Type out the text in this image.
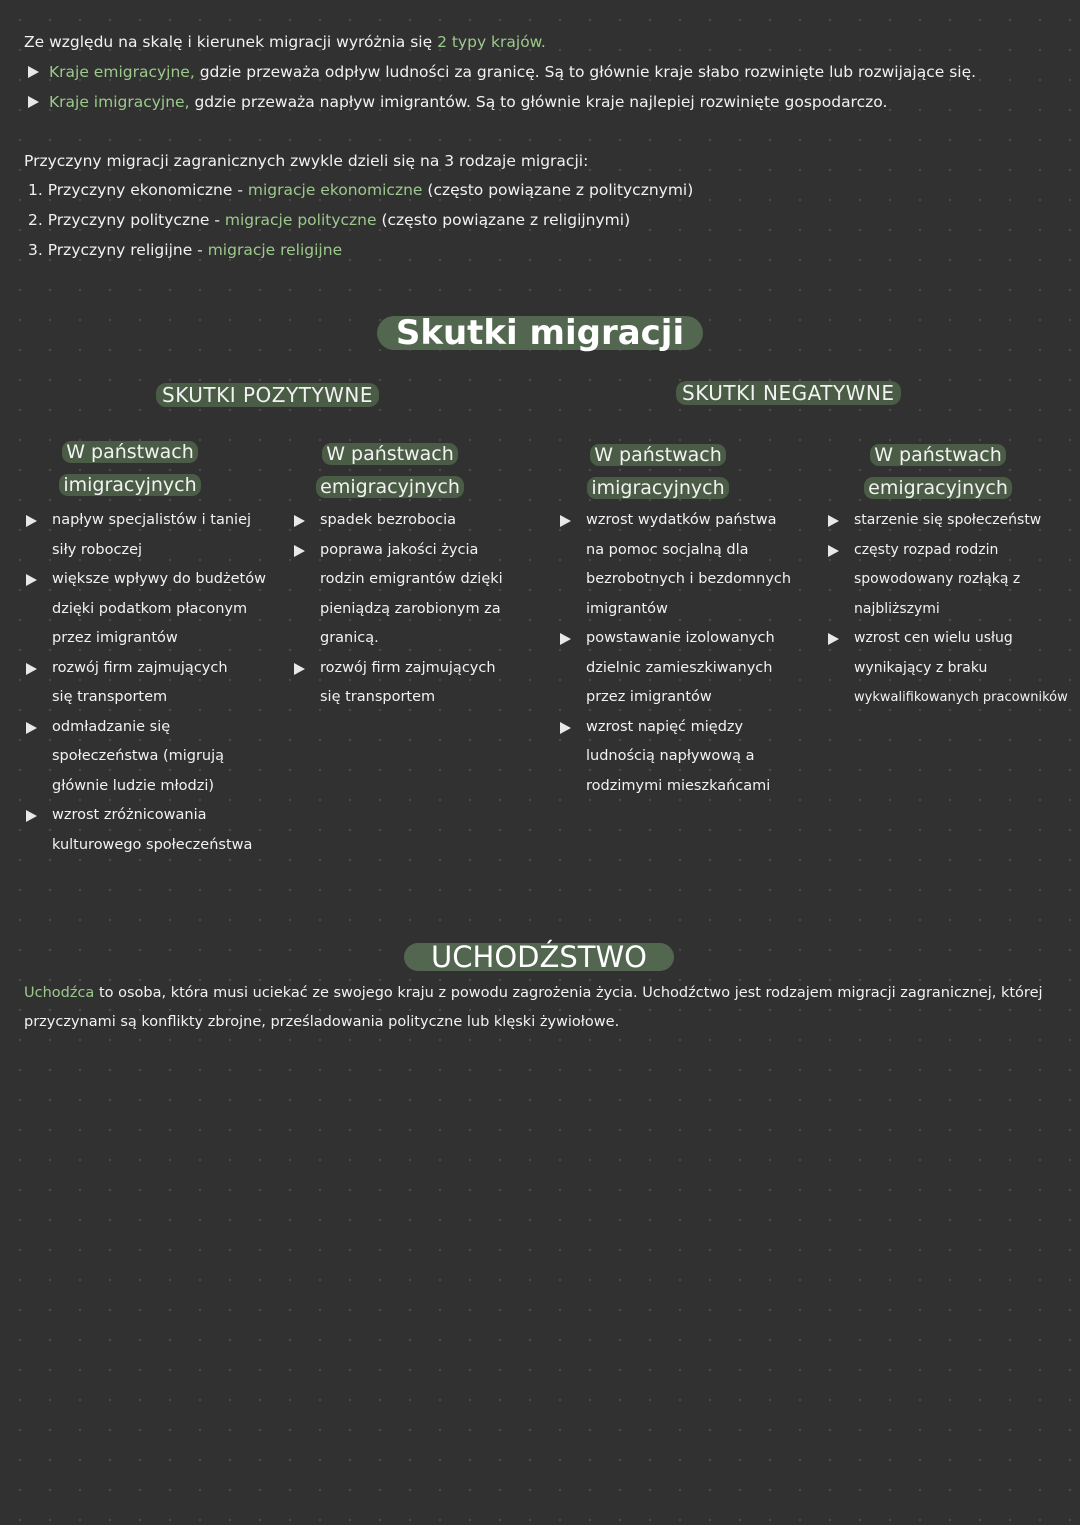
Ze względu na skalę i kierunek migracji wyróżnia się 2 typy krajów.
Kraje emigracyjne, gdzie przeważa odpływ ludności za granicę. Są to głównie kraje słabo rozwinięte lub rozwijające się.
Kraje imigracyjne, gdzie przeważa napływ imigrantów. Są to głównie kraje najlepiej rozwinięte gospodarczo.
Przyczyny migracji zagranicznych zwykle dzieli się na 3 rodzaje migracji:
1. Przyczyny ekonomiczne - migracje ekonomiczne (często powiązane z politycznymi)
2. Przyczyny polityczne - migracje polityczne (często powiązane z religijnymi)
3. Przyczyny religijne - migracje religijne
Skutki migracji
SKUTKI POZYTYWNE	SKUTKI NEGATYWNE
W państwach
imigracyjnych
napływ specjalistów i taniej
siły roboczej
większe wpływy do budżetów
dzięki podatkom płaconym
przez imigrantów
rozwój firm zajmujących
się transportem
odmładzanie się
społeczeństwa (migrują
głównie ludzie młodzi)
wzrost zróżnicowania
kulturowego społeczeństwa
W państwach
emigracyjnych
spadek bezrobocia
poprawa jakości życia
rodzin emigrantów dzięki
pieniądzą zarobionym za
granicą.
rozwój firm zajmujących
się transportem
W państwach
imigracyjnych
wzrost wydatków państwa
na pomoc socjalną dla
bezrobotnych i bezdomnych
imigrantów
powstawanie izolowanych
dzielnic zamieszkiwanych
przez imigrantów
wzrost napięć między
ludnością napływową a
rodzimymi mieszkańcami
W państwach
emigracyjnych
starzenie się społeczeństw
częsty rozpad rodzin
spowodowany rozłąką z
najbliższymi
wzrost cen wielu usług
wynikający z braku
wykwalifikowanych pracowników
UCHODŹSTWO
Uchodźca to osoba, która musi uciekać ze swojego kraju z powodu zagrożenia życia. Uchodźctwo jest rodzajem migracji zagranicznej, której
przyczynami są konflikty zbrojne, prześladowania polityczne lub klęski żywiołowe.
